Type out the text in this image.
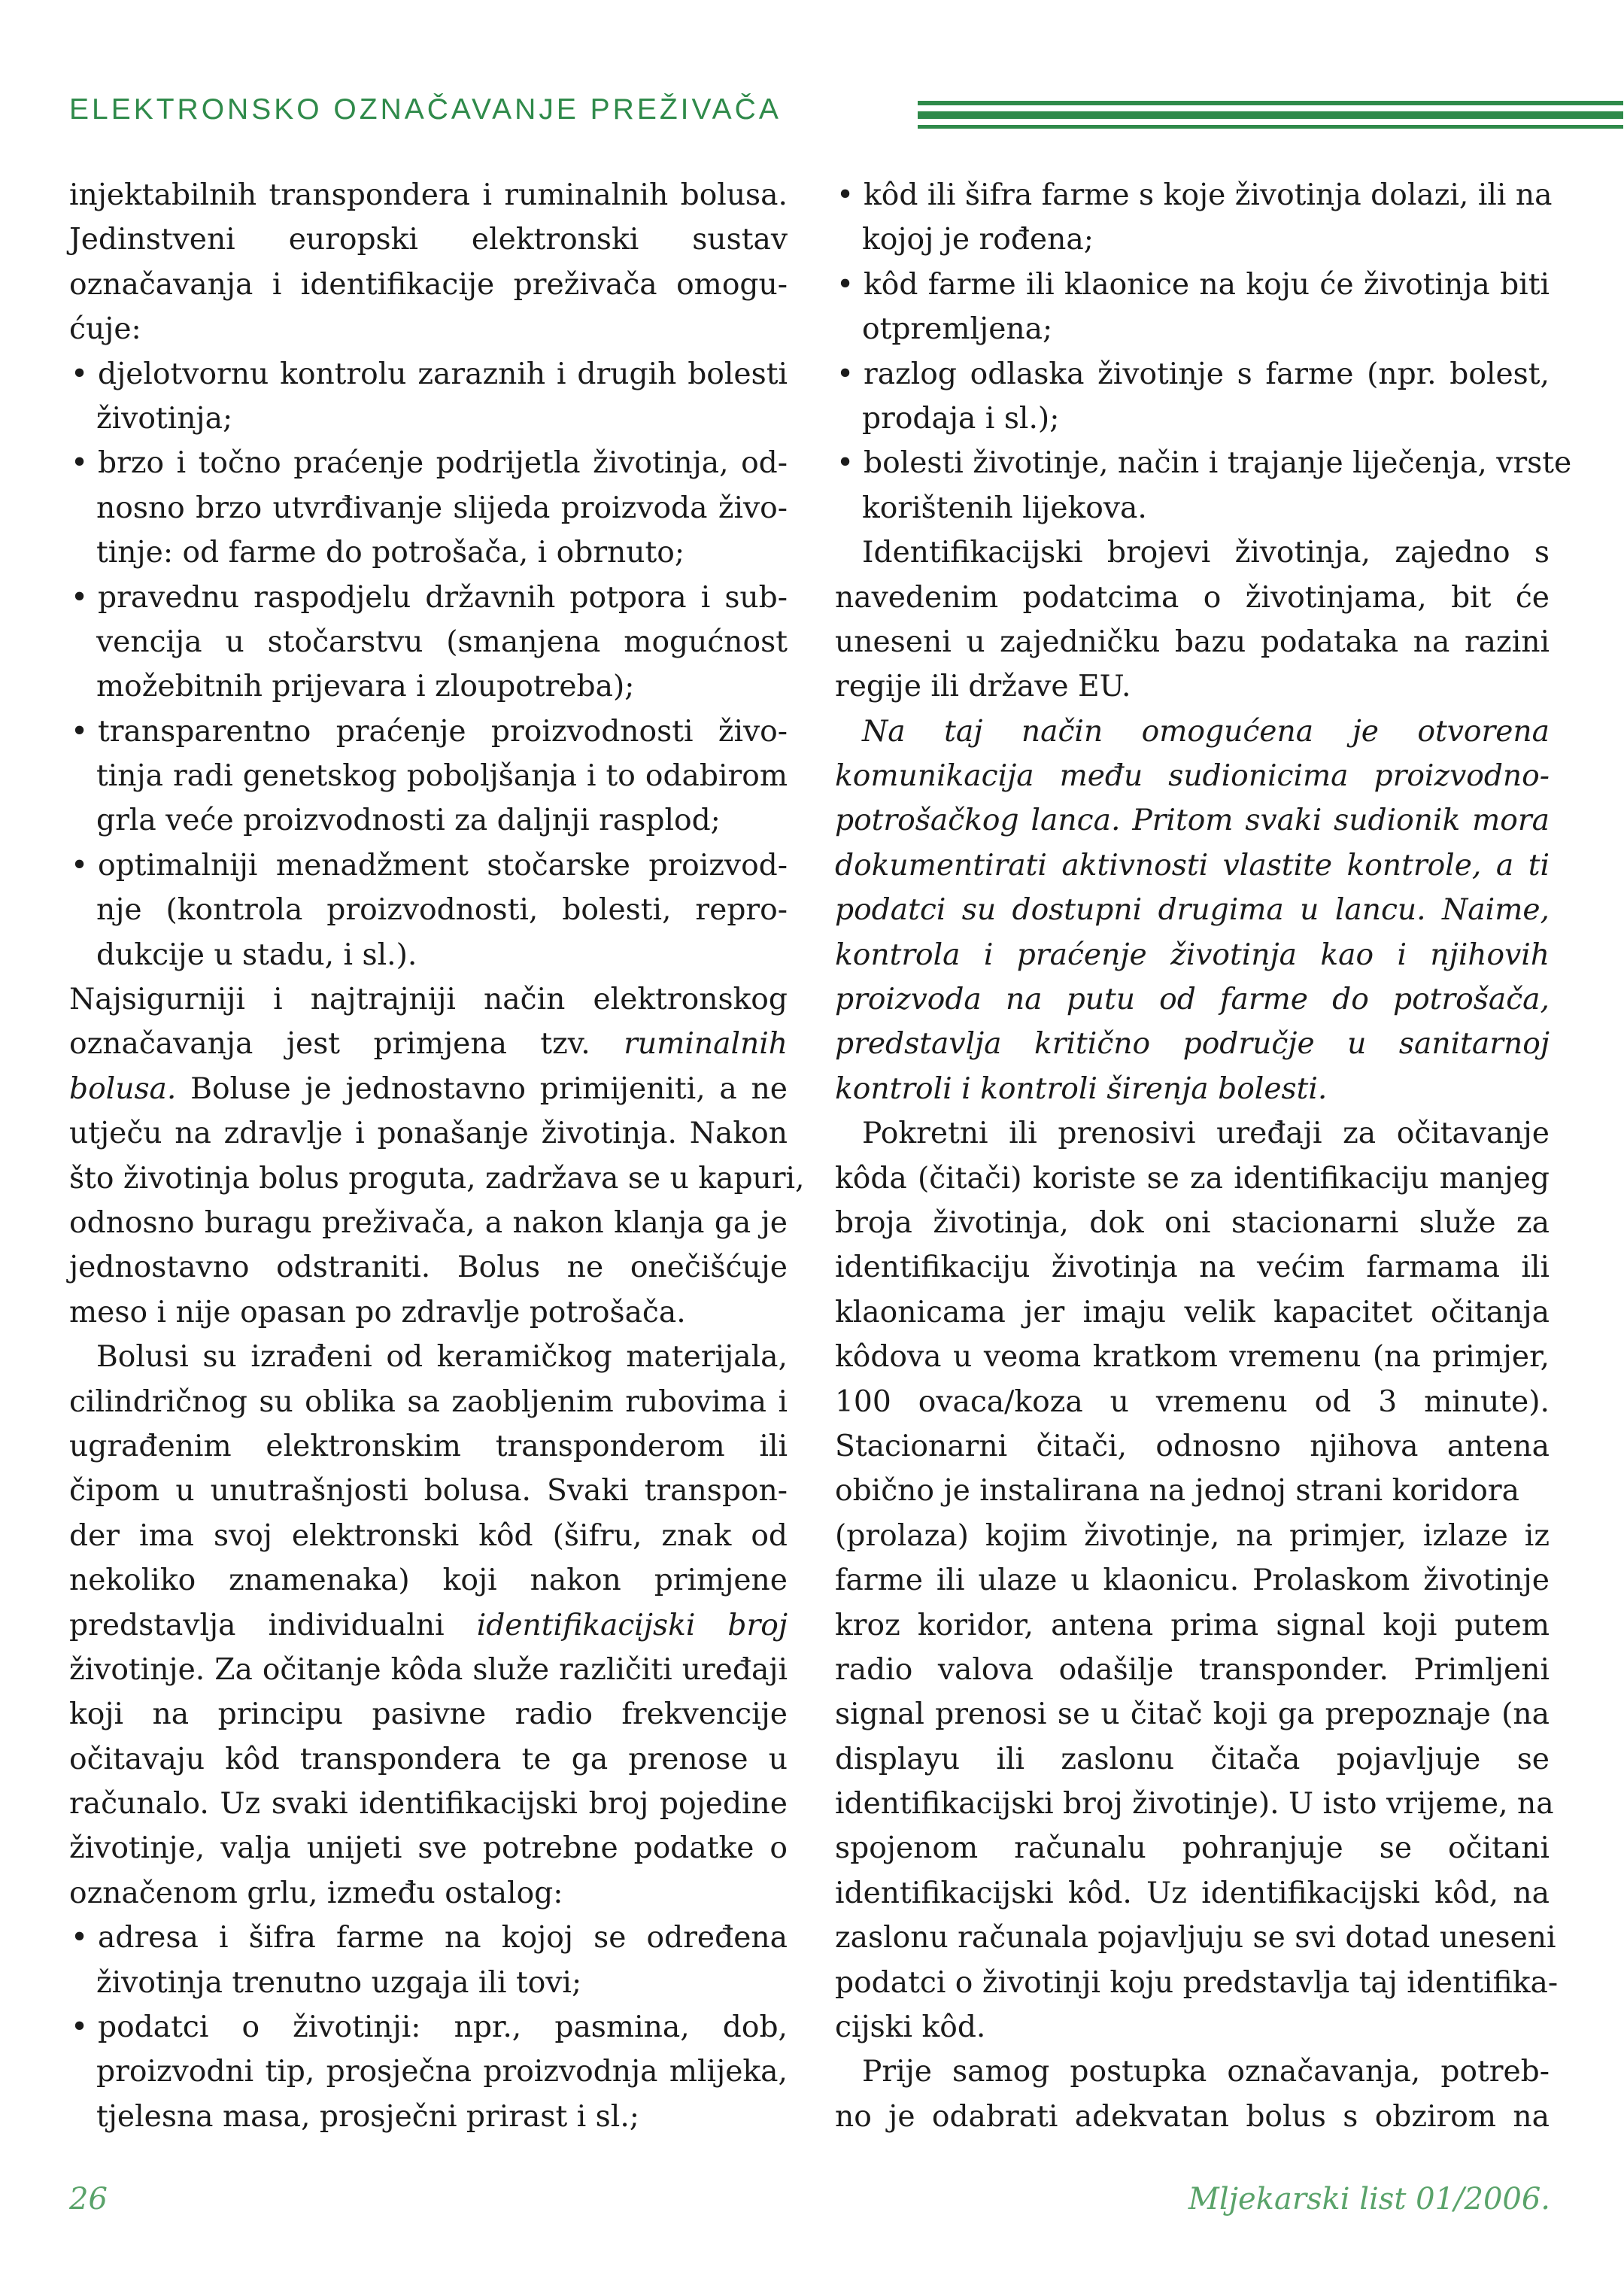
ELEKTRONSKO OZNAČAVANJE PREŽIVAČA
injektabilnih transpondera i ruminalnih bolusa.
Jedinstveni europski elektronski sustav
označavanja i identifikacije preživača omogu-
ćuje:
• djelotvornu kontrolu zaraznih i drugih bolesti
životinja;
• brzo i točno praćenje podrijetla životinja, od-
nosno brzo utvrđivanje slijeda proizvoda živo-
tinje: od farme do potrošača, i obrnuto;
• pravednu raspodjelu državnih potpora i sub-
vencija u stočarstvu (smanjena mogućnost
možebitnih prijevara i zloupotreba);
• transparentno praćenje proizvodnosti živo-
tinja radi genetskog poboljšanja i to odabirom
grla veće proizvodnosti za daljnji rasplod;
• optimalniji menadžment stočarske proizvod-
nje (kontrola proizvodnosti, bolesti, repro-
dukcije u stadu, i sl.).
Najsigurniji i najtrajniji način elektronskog
označavanja jest primjena tzv. ruminalnih
bolusa. Boluse je jednostavno primijeniti, a ne
utječu na zdravlje i ponašanje životinja. Nakon
što životinja bolus proguta, zadržava se u kapuri,
odnosno buragu preživača, a nakon klanja ga je
jednostavno odstraniti. Bolus ne onečišćuje
meso i nije opasan po zdravlje potrošača.
Bolusi su izrađeni od keramičkog materijala,
cilindričnog su oblika sa zaobljenim rubovima i
ugrađenim elektronskim transponderom ili
čipom u unutrašnjosti bolusa. Svaki transpon-
der ima svoj elektronski kôd (šifru, znak od
nekoliko znamenaka) koji nakon primjene
predstavlja individualni identifikacijski broj
životinje. Za očitanje kôda služe različiti uređaji
koji na principu pasivne radio frekvencije
očitavaju kôd transpondera te ga prenose u
računalo. Uz svaki identifikacijski broj pojedine
životinje, valja unijeti sve potrebne podatke o
označenom grlu, između ostalog:
• adresa i šifra farme na kojoj se određena
životinja trenutno uzgaja ili tovi;
• podatci o životinji: npr., pasmina, dob,
proizvodni tip, prosječna proizvodnja mlijeka,
tjelesna masa, prosječni prirast i sl.;
• kôd ili šifra farme s koje životinja dolazi, ili na
kojoj je rođena;
• kôd farme ili klaonice na koju će životinja biti
otpremljena;
• razlog odlaska životinje s farme (npr. bolest,
prodaja i sl.);
• bolesti životinje, način i trajanje liječenja, vrste
korištenih lijekova.
Identifikacijski brojevi životinja, zajedno s
navedenim podatcima o životinjama, bit će
uneseni u zajedničku bazu podataka na razini
regije ili države EU.
Na taj način omogućena je otvorena
komunikacija među sudionicima proizvodno-
potrošačkog lanca. Pritom svaki sudionik mora
dokumentirati aktivnosti vlastite kontrole, a ti
podatci su dostupni drugima u lancu. Naime,
kontrola i praćenje životinja kao i njihovih
proizvoda na putu od farme do potrošača,
predstavlja kritično područje u sanitarnoj
kontroli i kontroli širenja bolesti.
Pokretni ili prenosivi uređaji za očitavanje
kôda (čitači) koriste se za identifikaciju manjeg
broja životinja, dok oni stacionarni služe za
identifikaciju životinja na većim farmama ili
klaonicama jer imaju velik kapacitet očitanja
kôdova u veoma kratkom vremenu (na primjer,
100 ovaca/koza u vremenu od 3 minute).
Stacionarni čitači, odnosno njihova antena
obično je instalirana na jednoj strani koridora
(prolaza) kojim životinje, na primjer, izlaze iz
farme ili ulaze u klaonicu. Prolaskom životinje
kroz koridor, antena prima signal koji putem
radio valova odašilje transponder. Primljeni
signal prenosi se u čitač koji ga prepoznaje (na
displayu ili zaslonu čitača pojavljuje se
identifikacijski broj životinje). U isto vrijeme, na
spojenom računalu pohranjuje se očitani
identifikacijski kôd. Uz identifikacijski kôd, na
zaslonu računala pojavljuju se svi dotad uneseni
podatci o životinji koju predstavlja taj identifika-
cijski kôd.
Prije samog postupka označavanja, potreb-
no je odabrati adekvatan bolus s obzirom na
26	Mljekarski list 01/2006.
